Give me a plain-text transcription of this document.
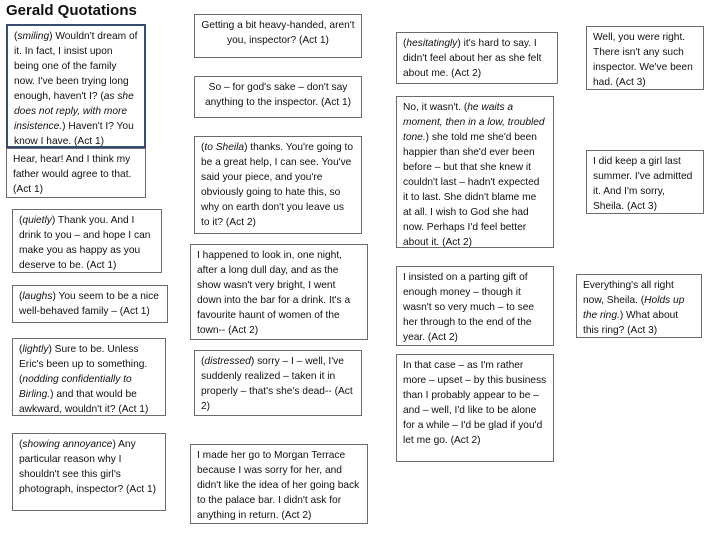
Gerald Quotations
(smiling) Wouldn't dream of it. In fact, I insist upon being one of the family now. I've been trying long enough, haven't I? (as she does not reply, with more insistence.) Haven't I? You know I have. (Act 1)
Hear, hear! And I think my father would agree to that. (Act 1)
(quietly) Thank you. And I drink to you – and hope I can make you as happy as you deserve to be. (Act 1)
(laughs) You seem to be a nice well-behaved family – (Act 1)
(lightly) Sure to be. Unless Eric's been up to something. (nodding confidentially to Birling.) and that would be awkward, wouldn't it? (Act 1)
(showing annoyance) Any particular reason why I shouldn't see this girl's photograph, inspector? (Act 1)
Getting a bit heavy-handed, aren't you, inspector? (Act 1)
So – for god's sake – don't say anything to the inspector. (Act 1)
(to Sheila) thanks. You're going to be a great help, I can see. You've said your piece, and you're obviously going to hate this, so why on earth don't you leave us to it? (Act 2)
I happened to look in, one night, after a long dull day, and as the show wasn't very bright, I went down into the bar for a drink. It's a favourite haunt of women of the town-- (Act 2)
(distressed) sorry – I – well, I've suddenly realized – taken it in properly – that's she's dead-- (Act 2)
I made her go to Morgan Terrace because I was sorry for her, and didn't like the idea of her going back to the palace bar. I didn't ask for anything in return. (Act 2)
(hesitatingly) it's hard to say. I didn't feel about her as she felt about me. (Act 2)
No, it wasn't. (he waits a moment, then in a low, troubled tone.) she told me she'd been happier than she'd ever been before – but that she knew it couldn't last – hadn't expected it to last. She didn't blame me at all. I wish to God she had now. Perhaps I'd feel better about it. (Act 2)
I insisted on a parting gift of enough money – though it wasn't so very much – to see her through to the end of the year. (Act 2)
In that case – as I'm rather more – upset – by this business than I probably appear to be – and – well, I'd like to be alone for a while – I'd be glad if you'd let me go. (Act 2)
Well, you were right. There isn't any such inspector. We've been had. (Act 3)
I did keep a girl last summer. I've admitted it. And I'm sorry, Sheila. (Act 3)
Everything's all right now, Sheila. (Holds up the ring.) What about this ring? (Act 3)
